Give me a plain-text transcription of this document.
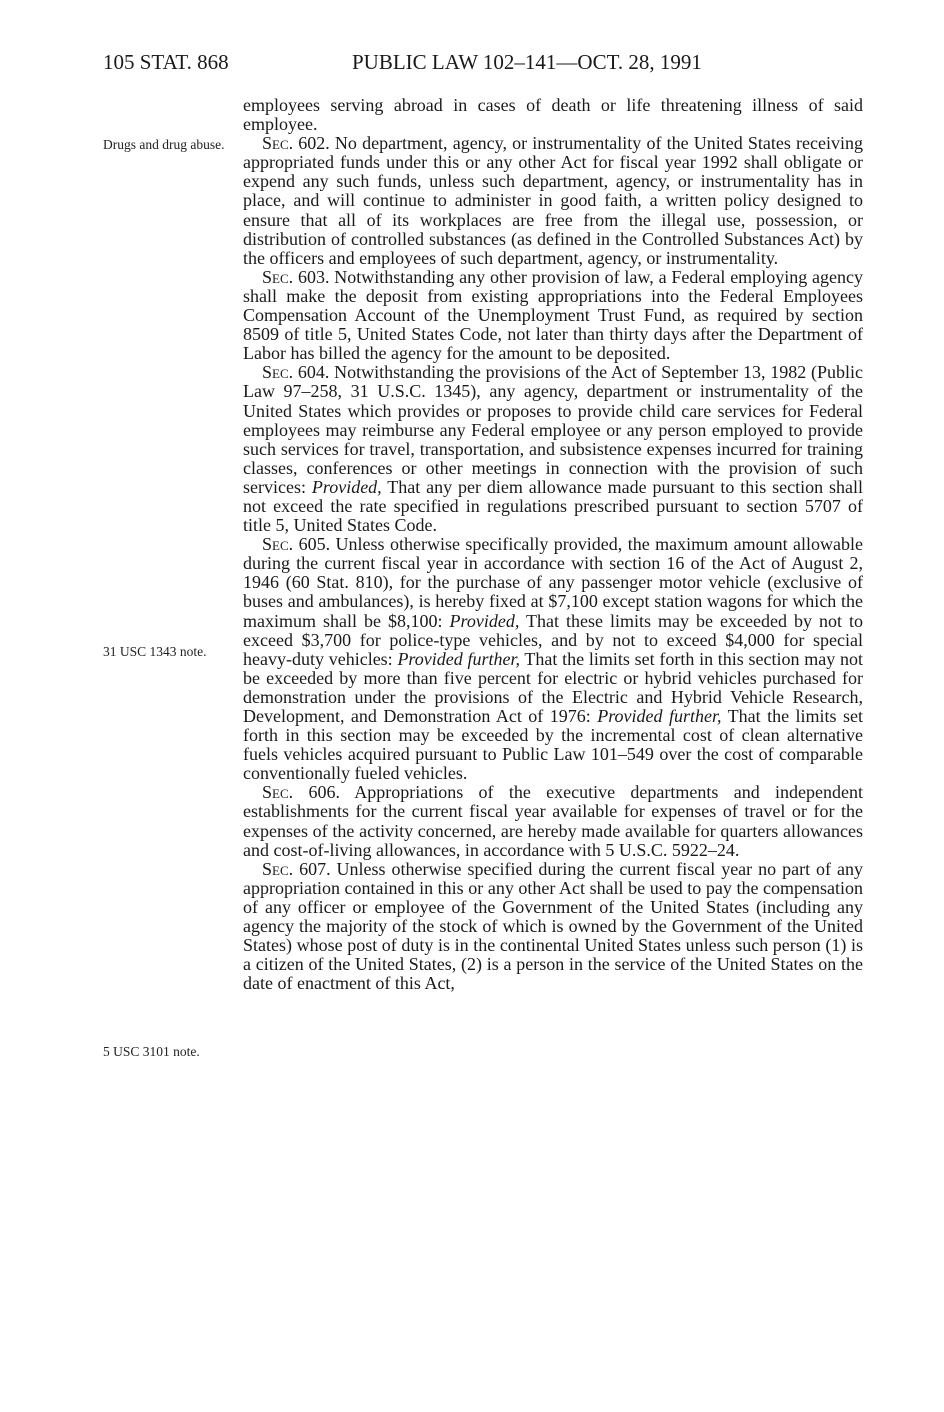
105 STAT. 868	PUBLIC LAW 102–141—OCT. 28, 1991
Drugs and drug abuse.
31 USC 1343 note.
5 USC 3101 note.

employees serving abroad in cases of death or life threatening illness of said employee.

Sec. 602. No department, agency, or instrumentality of the United States receiving appropriated funds under this or any other Act for fiscal year 1992 shall obligate or expend any such funds, unless such department, agency, or instrumentality has in place, and will continue to administer in good faith, a written policy designed to ensure that all of its workplaces are free from the illegal use, possession, or distribution of controlled substances (as defined in the Controlled Substances Act) by the officers and employees of such department, agency, or instrumentality.

Sec. 603. Notwithstanding any other provision of law, a Federal employing agency shall make the deposit from existing appropriations into the Federal Employees Compensation Account of the Unemployment Trust Fund, as required by section 8509 of title 5, United States Code, not later than thirty days after the Department of Labor has billed the agency for the amount to be deposited.

Sec. 604. Notwithstanding the provisions of the Act of September 13, 1982 (Public Law 97–258, 31 U.S.C. 1345), any agency, department or instrumentality of the United States which provides or proposes to provide child care services for Federal employees may reimburse any Federal employee or any person employed to provide such services for travel, transportation, and subsistence expenses incurred for training classes, conferences or other meetings in connection with the provision of such services: Provided, That any per diem allowance made pursuant to this section shall not exceed the rate specified in regulations prescribed pursuant to section 5707 of title 5, United States Code.

Sec. 605. Unless otherwise specifically provided, the maximum amount allowable during the current fiscal year in accordance with section 16 of the Act of August 2, 1946 (60 Stat. 810), for the purchase of any passenger motor vehicle (exclusive of buses and ambulances), is hereby fixed at $7,100 except station wagons for which the maximum shall be $8,100: Provided, That these limits may be exceeded by not to exceed $3,700 for police-type vehicles, and by not to exceed $4,000 for special heavy-duty vehicles: Provided further, That the limits set forth in this section may not be exceeded by more than five percent for electric or hybrid vehicles purchased for demonstration under the provisions of the Electric and Hybrid Vehicle Research, Development, and Demonstration Act of 1976: Provided further, That the limits set forth in this section may be exceeded by the incremental cost of clean alternative fuels vehicles acquired pursuant to Public Law 101–549 over the cost of comparable conventionally fueled vehicles.

Sec. 606. Appropriations of the executive departments and independent establishments for the current fiscal year available for expenses of travel or for the expenses of the activity concerned, are hereby made available for quarters allowances and cost-of-living allowances, in accordance with 5 U.S.C. 5922–24.

Sec. 607. Unless otherwise specified during the current fiscal year no part of any appropriation contained in this or any other Act shall be used to pay the compensation of any officer or employee of the Government of the United States (including any agency the majority of the stock of which is owned by the Government of the United States) whose post of duty is in the continental United States unless such person (1) is a citizen of the United States, (2) is a person in the service of the United States on the date of enactment of this Act,
